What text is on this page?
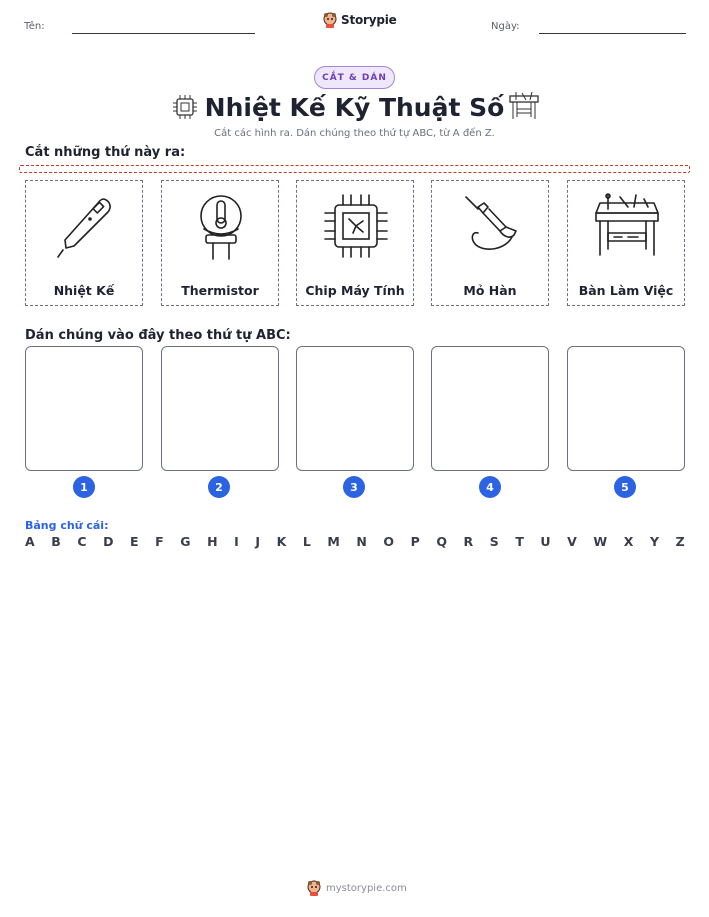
Tên:	Storypie	Ngày:
CẮT & DÁN
Nhiệt Kế Kỹ Thuật Số
Cắt các hình ra. Dán chúng theo thứ tự ABC, từ A đến Z.
Cắt những thứ này ra:
Nhiệt Kế	Thermistor	Chip Máy Tính	Mỏ Hàn	Bàn Làm Việc
Dán chúng vào đây theo thứ tự ABC:
1	2	3	4	5
Bảng chữ cái:
A B C D E F G H I J K L M N O P Q R S T U V W X Y Z
mystorypie.com
